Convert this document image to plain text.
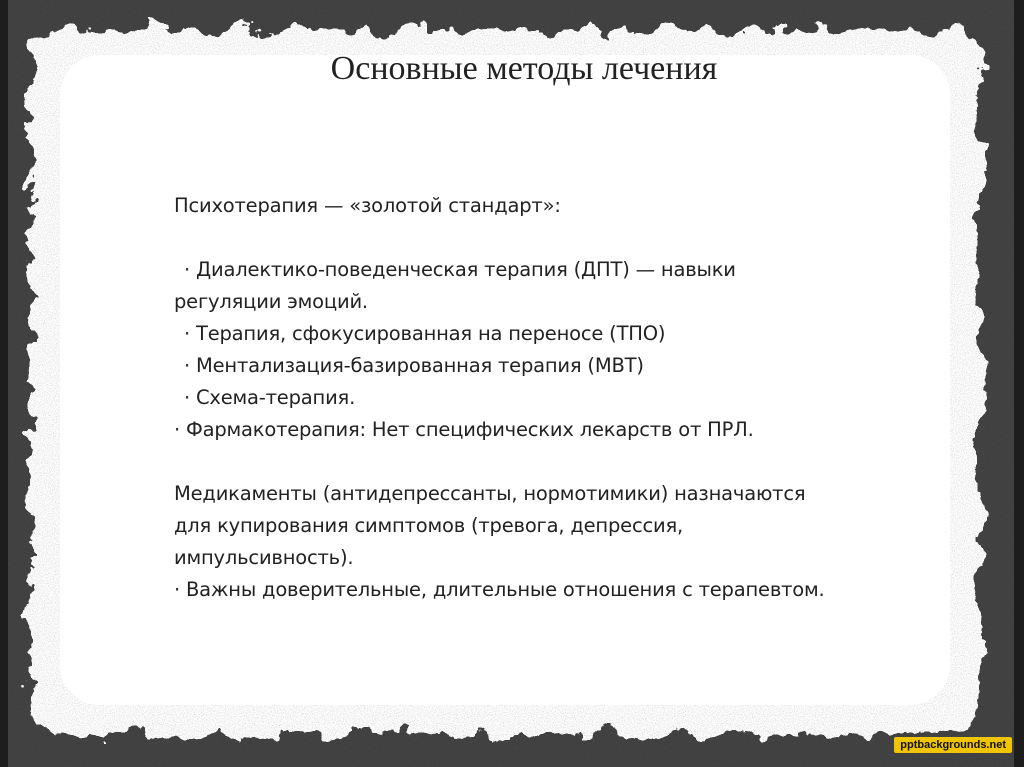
Основные методы лечения
Психотерапия — «золотой стандарт»:
· Диалектико-поведенческая терапия (ДПТ) — навыки
регуляции эмоций.
· Терапия, сфокусированная на переносе (ТПО)
· Ментализация-базированная терапия (MBT)
· Схема-терапия.
· Фармакотерапия: Нет специфических лекарств от ПРЛ.
Медикаменты (антидепрессанты, нормотимики) назначаются
для купирования симптомов (тревога, депрессия,
импульсивность).
· Важны доверительные, длительные отношения с терапевтом.
pptbackgrounds.net
